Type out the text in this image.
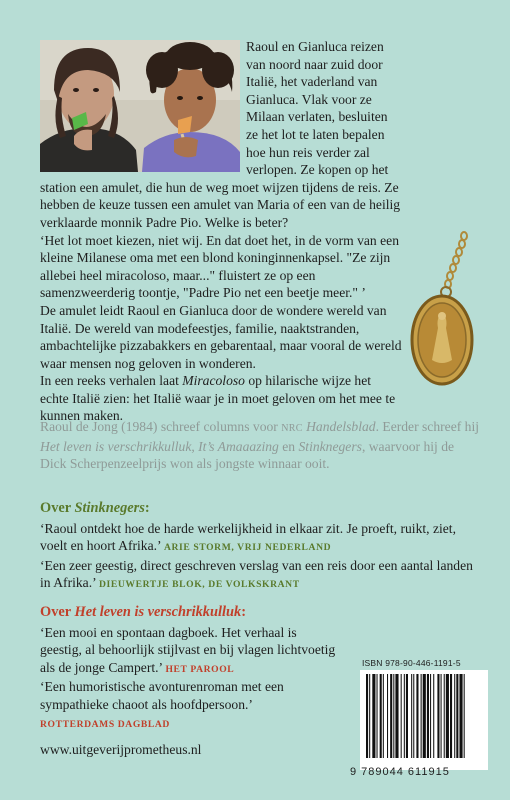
Raoul en Gianluca reizen van noord naar zuid door Italië, het vaderland van Gianluca. Vlak voor ze Milaan verlaten, besluiten ze het lot te laten bepalen hoe hun reis verder zal verlopen. Ze kopen op het station een amulet, die hun de weg moet wijzen tijdens de reis. Ze hebben de keuze tussen een amulet van Maria of een van de heilig verklaarde monnik Padre Pio. Welke is beter?

‘Het lot moet kiezen, niet wij. En dat doet het, in de vorm van een kleine Milanese oma met een blond koninginnenkapsel. "Ze zijn allebei heel miracoloso, maar..." fluistert ze op een samenzweerderig toontje, "Padre Pio net een beetje meer." ’

De amulet leidt Raoul en Gianluca door de wondere wereld van Italië. De wereld van modefeestjes, familie, naaktstranden, ambachtelijke pizzabakkers en gebarentaal, maar vooral de wereld waar mensen nog geloven in wonderen.

In een reeks verhalen laat Miracoloso op hilarische wijze het echte Italië zien: het Italië waar je in moet geloven om het mee te kunnen maken.

Raoul de Jong (1984) schreef columns voor NRC Handelsblad. Eerder schreef hij Het leven is verschrikkulluk, It’s Amaaazing en Stinknegers, waarvoor hij de Dick Scherpenzeelprijs won als jongste winnaar ooit.
Over Stinknegers:

‘Raoul ontdekt hoe de harde werkelijkheid in elkaar zit. Je proeft, ruikt, ziet, voelt en hoort Afrika.’ ARIE STORM, VRIJ NEDERLAND

‘Een zeer geestig, direct geschreven verslag van een reis door een aantal landen in Afrika.’ DIEUWERTJE BLOK, DE VOLKSKRANT

Over Het leven is verschrikkulluk:

‘Een mooi en spontaan dagboek. Het verhaal is geestig, al behoorlijk stijlvast en bij vlagen lichtvoetig als de jonge Campert.’ HET PAROOL

‘Een humoristische avonturenroman met een sympathieke chaoot als hoofdpersoon.’

ROTTERDAMS DAGBLAD

ISBN 978-90-446-1191-5
9 789044 611915
www.uitgeverijprometheus.nl
